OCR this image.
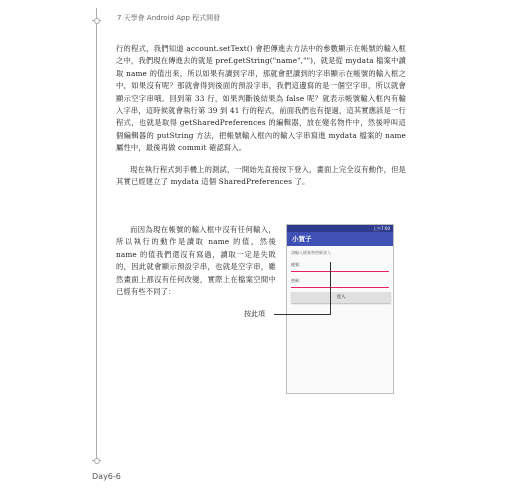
7 天學會 Android App 程式開發

行的程式，我們知道 account.setText() 會把傳進去方法中的參數顯示在帳號的輸入框之中，我們現在傳進去的就是 pref.getString("name","")，就是從 mydata 檔案中讀取 name 的值出來，所以如果有讀到字串，那就會把讀到的字串顯示在帳號的輸入框之中，如果沒有呢？那就會得到後面的預設字串，我們這邊寫的是一個空字串，所以就會顯示空字串哦。回到第 33 行，如果判斷後結果為 false 呢？就表示帳號輸入框內有輸入字串，這時候就會執行第 39 到 41 行的程式，前面我們也有提過，這其實應該是一行程式，也就是取得 getSharedPreferences 的編輯器，放在變名物件中，然後呼叫這個編輯器的 putString 方法，把帳號輸入框內的輸入字串寫進 mydata 檔案的 name 屬性中，最後再做 commit 確認寫入。

現在執行程式到手機上的測試，一開始先直接按下登入，畫面上完全沒有動作，但是其實已經建立了 mydata 這個 SharedPreferences 了。

而因為現在帳號的輸入框中沒有任何輸入，所以執行的動作是讀取 name 的值，然後 name 的值我們還沒有寫過，讀取一定是失敗的，因此就會顯示預設字串，也就是空字串，雖然畫面上都沒有任何改變，實際上在檔案空間中已經有些不同了：

上午7:00
小賀子
請輸入帳號和密碼登入
帳號：
密碼：
登入
按此項
Day6-6
